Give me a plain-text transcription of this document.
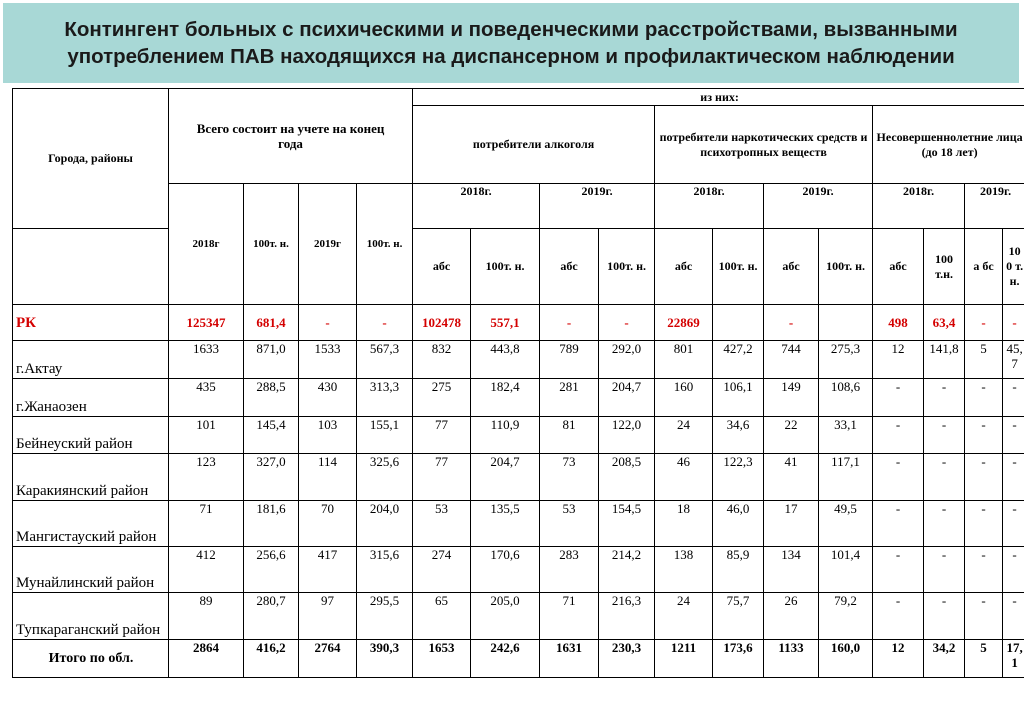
Контингент больных с психическими и поведенческими расстройствами, вызванными
употреблением ПАВ находящихся на диспансерном и профилактическом наблюдении
Города, районы	Всего состоит на учете на конец года				из них:											
					потребители алкоголя				потребители наркотических средств и психотропных веществ				Несовершеннолетние лица (до 18 лет)			
	2018г	100т. н.	2019г	100т. н.	2018г.		2019г.		2018г.		2019г.		2018г.		2019г.	
					абс	100т. н.	абс	100т. н.	абс	100т. н.	абс	100т. н.	абс	100 т.н.	а бс	10 0 т. н.
РК	125347	681,4	-	-	102478	557,1	-	-	22869		-		498	63,4	-	-
г.Актау	1633	871,0	1533	567,3	832	443,8	789	292,0	801	427,2	744	275,3	12	141,8	5	45,7
г.Жанаозен	435	288,5	430	313,3	275	182,4	281	204,7	160	106,1	149	108,6	-	-	-	-
Бейнеуский район	101	145,4	103	155,1	77	110,9	81	122,0	24	34,6	22	33,1	-	-	-	-
Каракиянский район	123	327,0	114	325,6	77	204,7	73	208,5	46	122,3	41	117,1	-	-	-	-
Мангистауский район	71	181,6	70	204,0	53	135,5	53	154,5	18	46,0	17	49,5	-	-	-	-
Мунайлинский район	412	256,6	417	315,6	274	170,6	283	214,2	138	85,9	134	101,4	-	-	-	-
Тупкараганский район	89	280,7	97	295,5	65	205,0	71	216,3	24	75,7	26	79,2	-	-	-	-
Итого по обл.	2864	416,2	2764	390,3	1653	242,6	1631	230,3	1211	173,6	1133	160,0	12	34,2	5	17,1
